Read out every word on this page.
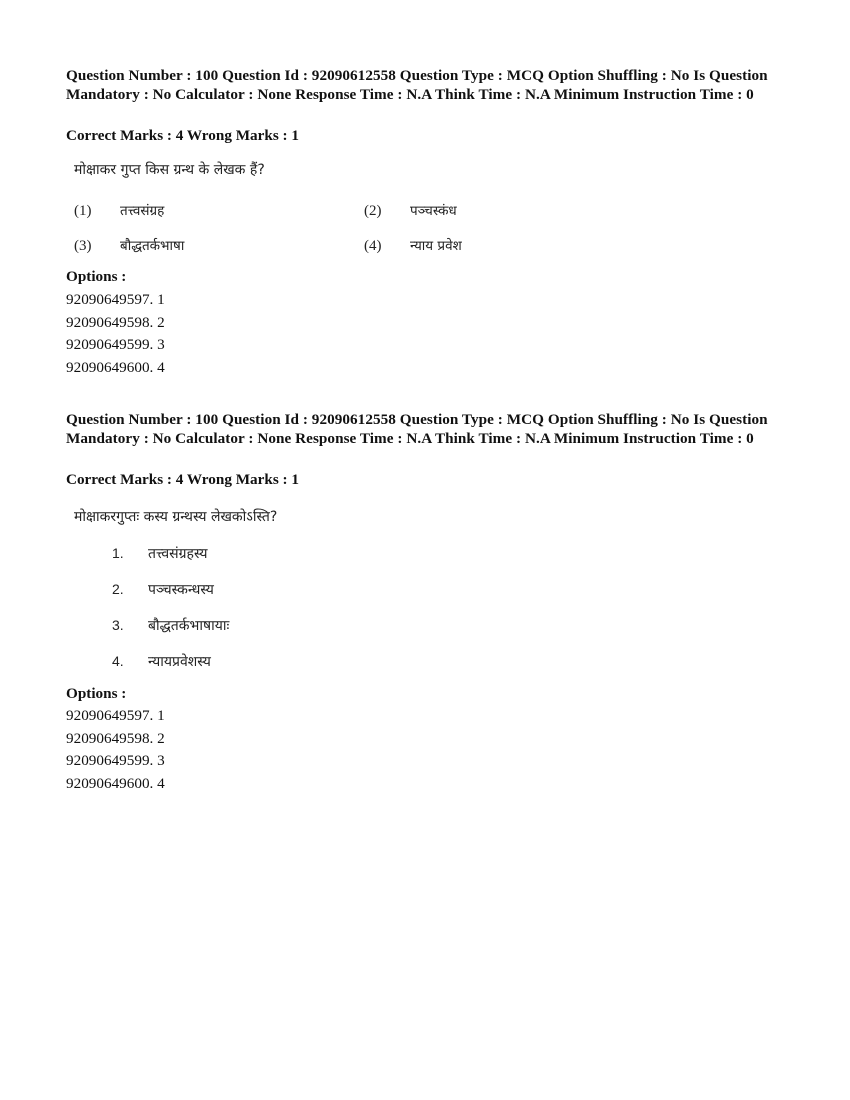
Question Number : 100 Question Id : 92090612558 Question Type : MCQ Option Shuffling : No Is Question Mandatory : No Calculator : None Response Time : N.A Think Time : N.A Minimum Instruction Time : 0
Correct Marks : 4 Wrong Marks : 1
मोक्षाकर गुप्त किस ग्रन्थ के लेखक हैं?
(1) तत्त्वसंग्रह	(2) पञ्चस्कंध
(3) बौद्धतर्कभाषा	(4) न्याय प्रवेश
Options :
92090649597. 1
92090649598. 2
92090649599. 3
92090649600. 4
Question Number : 100 Question Id : 92090612558 Question Type : MCQ Option Shuffling : No Is Question Mandatory : No Calculator : None Response Time : N.A Think Time : N.A Minimum Instruction Time : 0
Correct Marks : 4 Wrong Marks : 1
मोक्षाकरगुप्तः कस्य ग्रन्थस्य लेखकोऽस्ति?
1. तत्त्वसंग्रहस्य
2. पञ्चस्कन्धस्य
3. बौद्धतर्कभाषायाः
4. न्यायप्रवेशस्य
Options :
92090649597. 1
92090649598. 2
92090649599. 3
92090649600. 4
